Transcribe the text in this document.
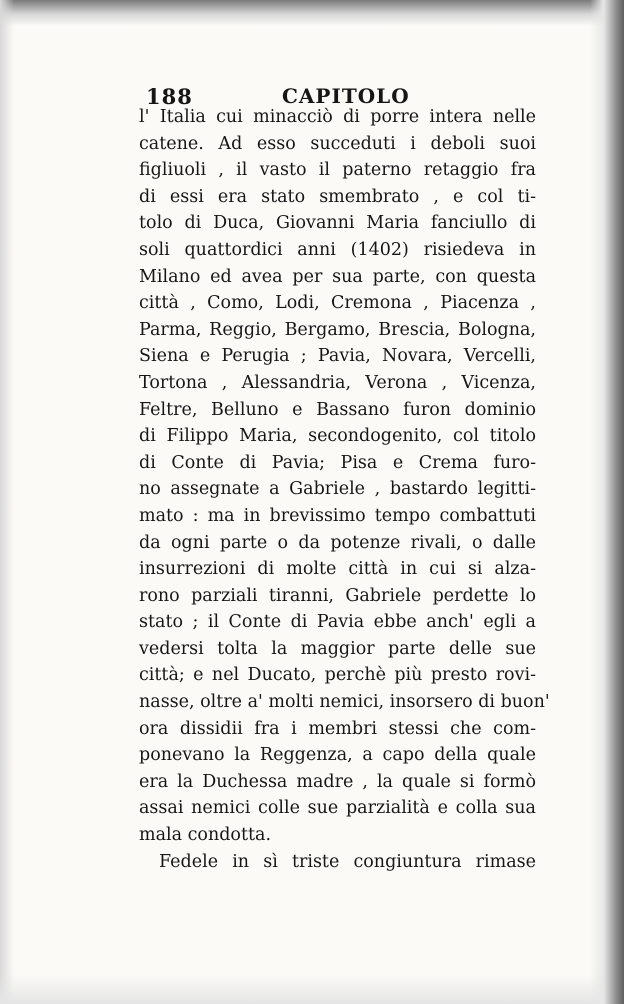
188	CAPITOLO
l' Italia cui minacciò di porre intera nelle
catene. Ad esso succeduti i deboli suoi
figliuoli , il vasto il paterno retaggio fra
di essi era stato smembrato , e col ti-
tolo di Duca, Giovanni Maria fanciullo di
soli quattordici anni (1402) risiedeva in
Milano ed avea per sua parte, con questa
città , Como, Lodi, Cremona , Piacenza ,
Parma, Reggio, Bergamo, Brescia, Bologna,
Siena e Perugia ; Pavia, Novara, Vercelli,
Tortona , Alessandria, Verona , Vicenza,
Feltre, Belluno e Bassano furon dominio
di Filippo Maria, secondogenito, col titolo
di Conte di Pavia; Pisa e Crema furo-
no assegnate a Gabriele , bastardo legitti-
mato : ma in brevissimo tempo combattuti
da ogni parte o da potenze rivali, o dalle
insurrezioni di molte città in cui si alza-
rono parziali tiranni, Gabriele perdette lo
stato ; il Conte di Pavia ebbe anch' egli a
vedersi tolta la maggior parte delle sue
città; e nel Ducato, perchè più presto rovi-
nasse, oltre a' molti nemici, insorsero di buon'
ora dissidii fra i membri stessi che com-
ponevano la Reggenza, a capo della quale
era la Duchessa madre , la quale si formò
assai nemici colle sue parzialità e colla sua
mala condotta.
Fedele in sì triste congiuntura rimase
